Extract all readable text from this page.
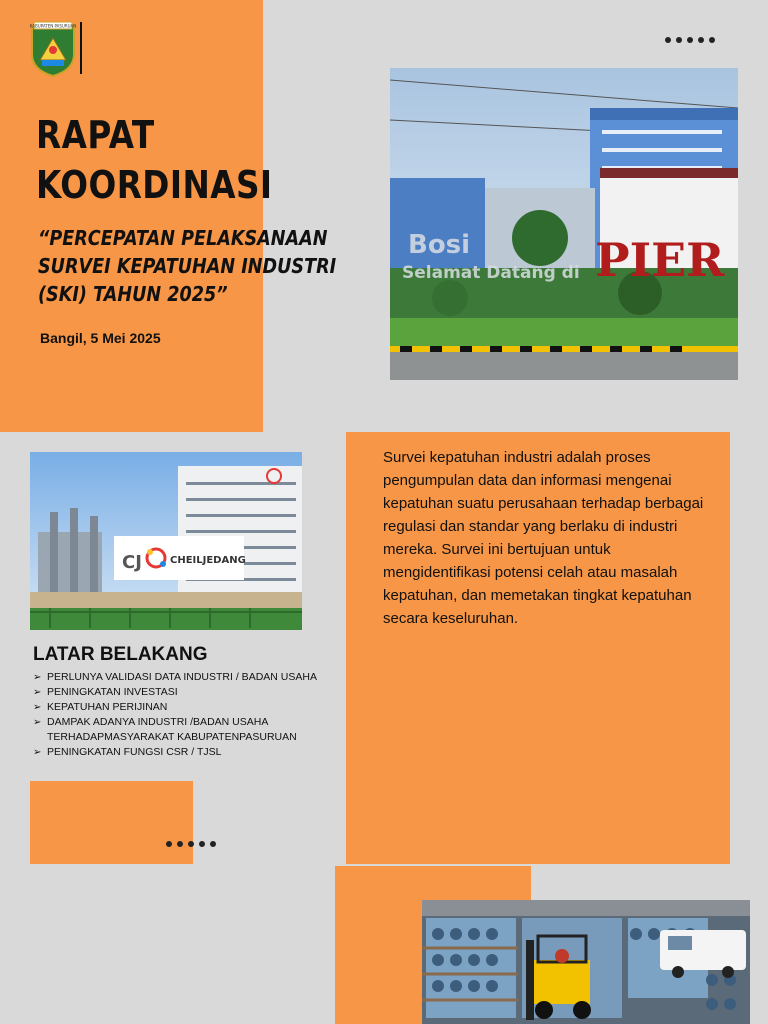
KABUPATEN PASURUAN
RAPAT
KOORDINASI
“PERCEPATAN PELAKSANAAN SURVEI KEPATUHAN INDUSTRI (SKI) TAHUN 2025”
Bangil, 5 Mei 2025
Bosi
Selamat Datang di PIER
CJ	CHEILJEDANG
Survei kepatuhan industri adalah proses pengumpulan data dan informasi mengenai kepatuhan suatu perusahaan terhadap berbagai regulasi dan standar yang berlaku di industri mereka. Survei ini bertujuan untuk mengidentifikasi potensi celah atau masalah kepatuhan, dan memetakan tingkat kepatuhan secara keseluruhan.
LATAR BELAKANG
➢ PERLUNYA VALIDASI DATA INDUSTRI / BADAN USAHA
➢ PENINGKATAN INVESTASI
➢ KEPATUHAN PERIJINAN
➢ DAMPAK ADANYA INDUSTRI /BADAN USAHA TERHADAPMASYARAKAT KABUPATENPASURUAN
➢ PENINGKATAN FUNGSI CSR / TJSL
